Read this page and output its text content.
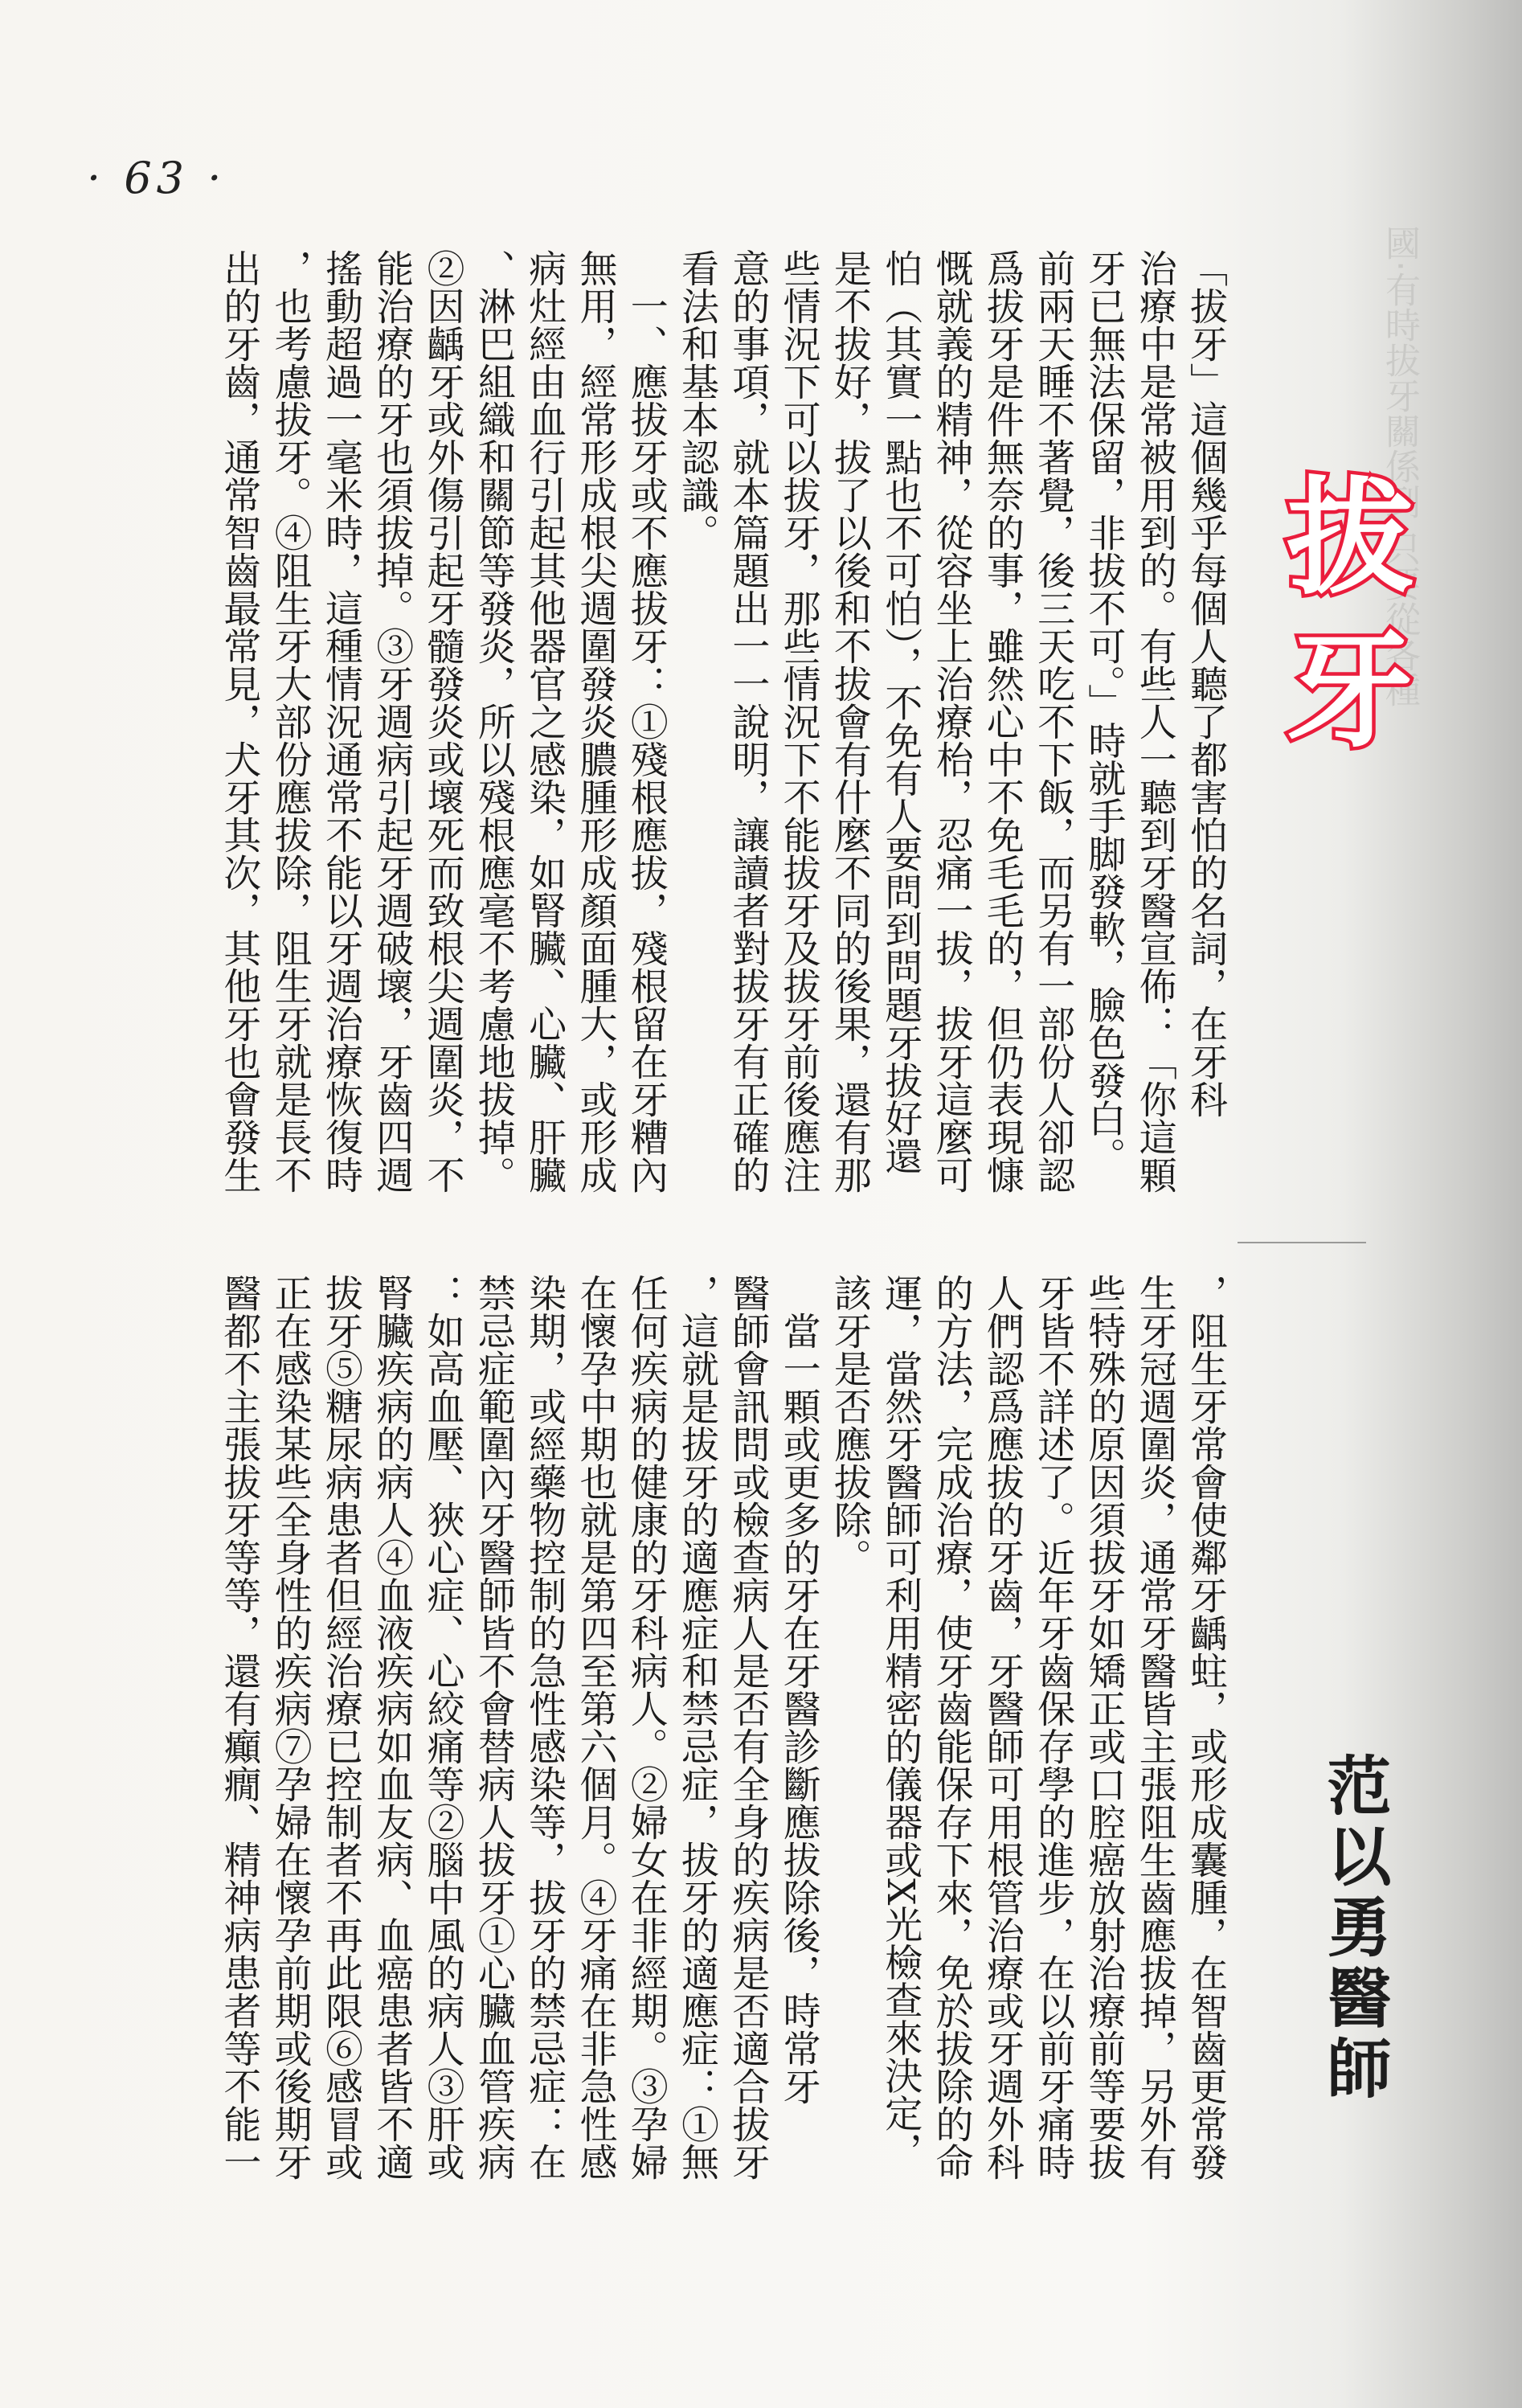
· 63 ·
國‧有時拔牙關係到‧只要從各種
拔
牙
范以勇醫師
「拔牙」這個幾乎每個人聽了都害怕的名詞，在牙科
治療中是常被用到的。有些人一聽到牙醫宣佈：「你這顆
牙已無法保留，非拔不可。」時就手脚發軟，臉色發白。
前兩天睡不著覺，後三天吃不下飯，而另有一部份人卻認
爲拔牙是件無奈的事，雖然心中不免毛毛的，但仍表現慷
慨就義的精神，從容坐上治療枱，忍痛一拔，拔牙這麼可
怕（其實一點也不可怕），不免有人要問到問題牙拔好還
是不拔好，拔了以後和不拔會有什麼不同的後果，還有那
些情況下可以拔牙，那些情況下不能拔牙及拔牙前後應注
意的事項，就本篇題出一一說明，讓讀者對拔牙有正確的
看法和基本認識。
　一、應拔牙或不應拔牙：①殘根應拔，殘根留在牙糟內
無用，經常形成根尖週圍發炎膿腫形成顏面腫大，或形成
病灶經由血行引起其他器官之感染，如腎臟、心臟、肝臟
、淋巴組織和關節等發炎，所以殘根應毫不考慮地拔掉。
②因齲牙或外傷引起牙髓發炎或壞死而致根尖週圍炎，不
能治療的牙也須拔掉。③牙週病引起牙週破壞，牙齒四週
搖動超過一毫米時，這種情況通常不能以牙週治療恢復時
，也考慮拔牙。④阻生牙大部份應拔除，阻生牙就是長不
出的牙齒，通常智齒最常見，犬牙其次，其他牙也會發生
，阻生牙常會使鄰牙齲蛀，或形成囊腫，在智齒更常發
生牙冠週圍炎，通常牙醫皆主張阻生齒應拔掉，另外有
些特殊的原因須拔牙如矯正或口腔癌放射治療前等要拔
牙皆不詳述了。近年牙齒保存學的進步，在以前牙痛時
人們認爲應拔的牙齒，牙醫師可用根管治療或牙週外科
的方法，完成治療，使牙齒能保存下來，免於拔除的命
運，當然牙醫師可利用精密的儀器或X光檢查來決定，
該牙是否應拔除。
　當一顆或更多的牙在牙醫診斷應拔除後，時常牙
醫師會訊問或檢查病人是否有全身的疾病是否適合拔牙
，這就是拔牙的適應症和禁忌症，拔牙的適應症：①無
任何疾病的健康的牙科病人。②婦女在非經期。③孕婦
在懷孕中期也就是第四至第六個月。④牙痛在非急性感
染期，或經藥物控制的急性感染等，拔牙的禁忌症：在
禁忌症範圍內牙醫師皆不會替病人拔牙①心臟血管疾病
：如高血壓、狹心症、心絞痛等②腦中風的病人③肝或
腎臟疾病的病人④血液疾病如血友病、血癌患者皆不適
拔牙⑤糖尿病患者但經治療已控制者不再此限⑥感冒或
正在感染某些全身性的疾病⑦孕婦在懷孕前期或後期牙
醫都不主張拔牙等等，還有癲癇、精神病患者等不能一
